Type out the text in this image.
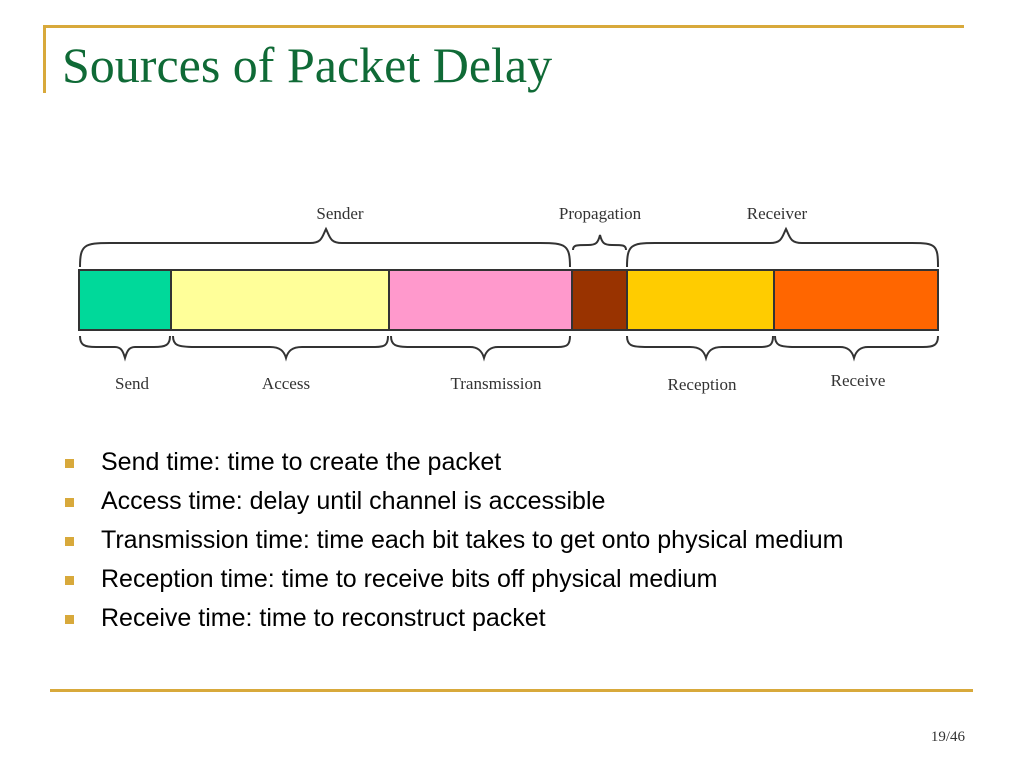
Sources of Packet Delay
Sender	Propagation	Receiver
Send	Access	Transmission	Reception	Receive
Send time: time to create the packet
Access time: delay until channel is accessible
Transmission time: time each bit takes to get onto physical medium
Reception time: time to receive bits off physical medium
Receive time: time to reconstruct packet
19/46
